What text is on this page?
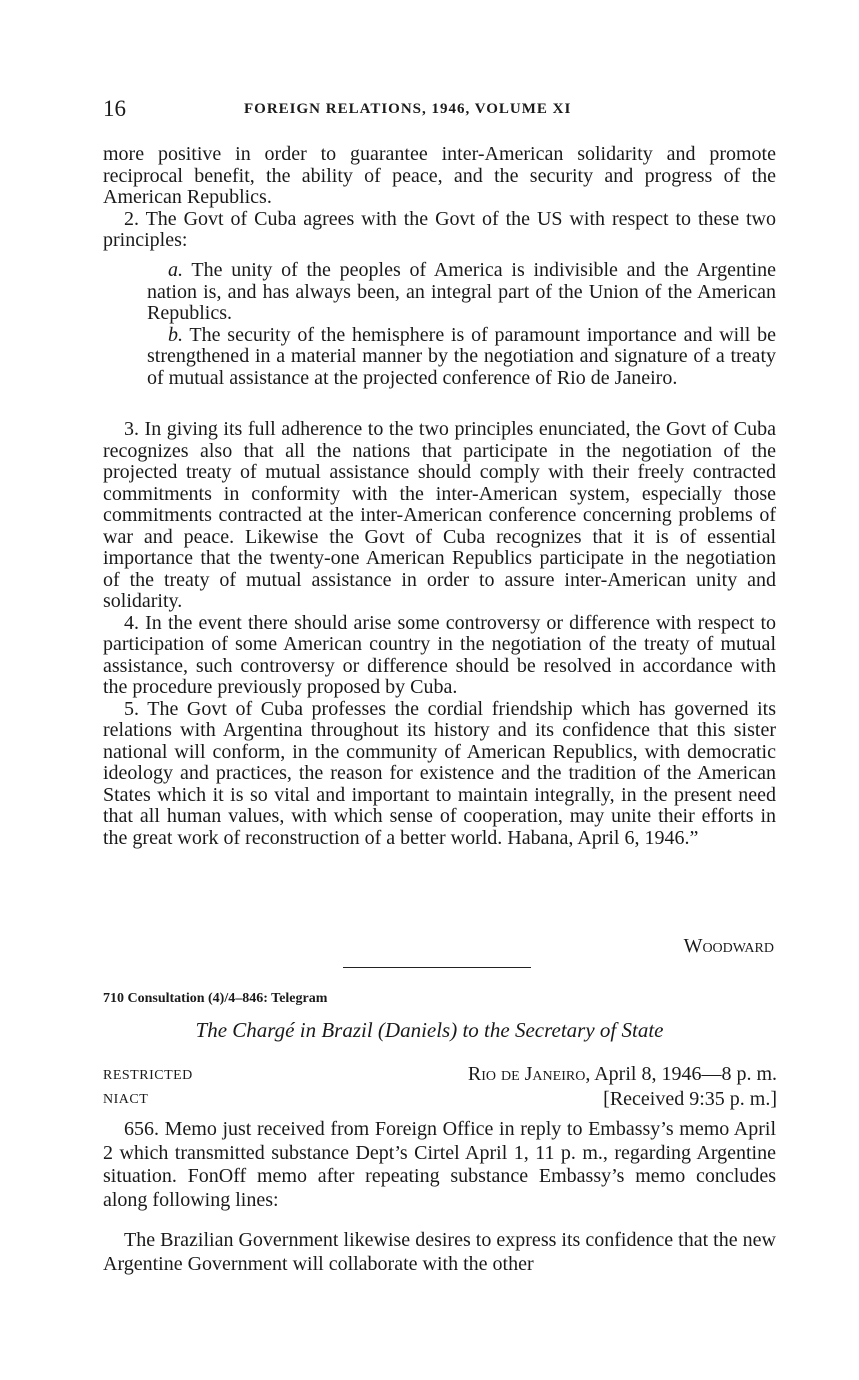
16	FOREIGN RELATIONS, 1946, VOLUME XI

more positive in order to guarantee inter-American solidarity and promote reciprocal benefit, the ability of peace, and the security and progress of the American Republics.

2. The Govt of Cuba agrees with the Govt of the US with respect to these two principles:

a. The unity of the peoples of America is indivisible and the Argentine nation is, and has always been, an integral part of the Union of the American Republics.

b. The security of the hemisphere is of paramount importance and will be strengthened in a material manner by the negotiation and signature of a treaty of mutual assistance at the projected conference of Rio de Janeiro.

3. In giving its full adherence to the two principles enunciated, the Govt of Cuba recognizes also that all the nations that participate in the negotiation of the projected treaty of mutual assistance should comply with their freely contracted commitments in conformity with the inter-American system, especially those commitments contracted at the inter-American conference concerning problems of war and peace. Likewise the Govt of Cuba recognizes that it is of essential importance that the twenty-one American Republics participate in the negotiation of the treaty of mutual assistance in order to assure inter-American unity and solidarity.

4. In the event there should arise some controversy or difference with respect to participation of some American country in the negotiation of the treaty of mutual assistance, such controversy or difference should be resolved in accordance with the procedure previously proposed by Cuba.

5. The Govt of Cuba professes the cordial friendship which has governed its relations with Argentina throughout its history and its confidence that this sister national will conform, in the community of American Republics, with democratic ideology and practices, the reason for existence and the tradition of the American States which it is so vital and important to maintain integrally, in the present need that all human values, with which sense of cooperation, may unite their efforts in the great work of reconstruction of a better world. Habana, April 6, 1946.”

Woodward
710 Consultation (4)/4–846: Telegram
The Chargé in Brazil (Daniels) to the Secretary of State
RESTRICTED	Rio de Janeiro, April 8, 1946—8 p. m.
NIACT	[Received 9:35 p. m.]

656. Memo just received from Foreign Office in reply to Embassy’s memo April 2 which transmitted substance Dept’s Cirtel April 1, 11 p. m., regarding Argentine situation. FonOff memo after repeating substance Embassy’s memo concludes along following lines:

The Brazilian Government likewise desires to express its confidence that the new Argentine Government will collaborate with the other
